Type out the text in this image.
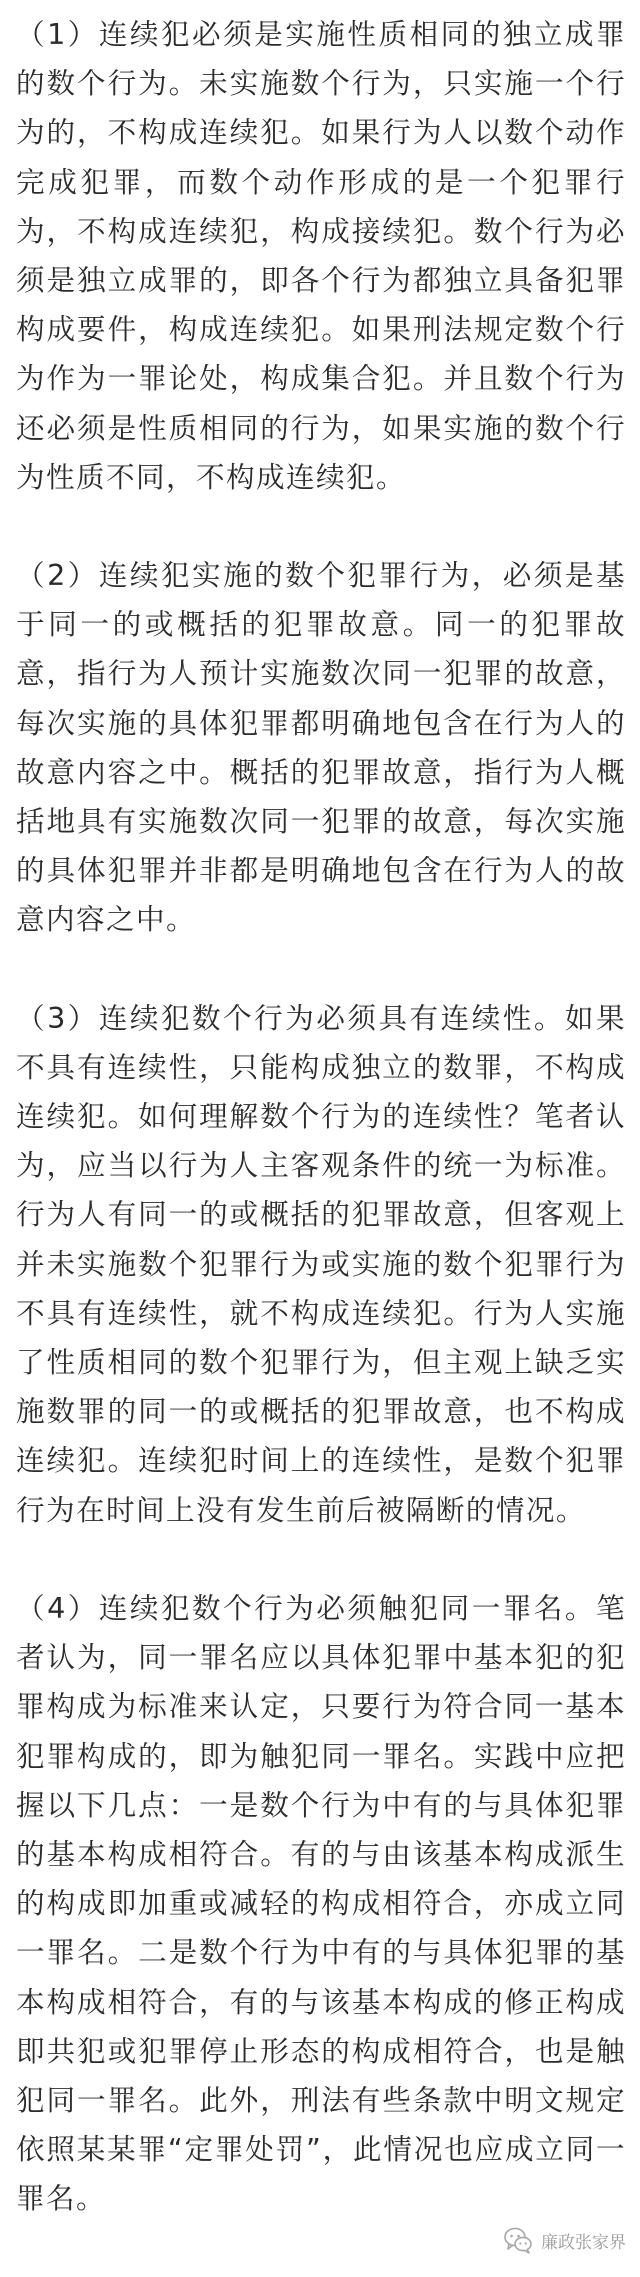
（1）连续犯必须是实施性质相同的独立成罪的数个行为。未实施数个行为，只实施一个行为的，不构成连续犯。如果行为人以数个动作完成犯罪，而数个动作形成的是一个犯罪行为，不构成连续犯，构成接续犯。数个行为必须是独立成罪的，即各个行为都独立具备犯罪构成要件，构成连续犯。如果刑法规定数个行为作为一罪论处，构成集合犯。并且数个行为还必须是性质相同的行为，如果实施的数个行为性质不同，不构成连续犯。

（2）连续犯实施的数个犯罪行为，必须是基于同一的或概括的犯罪故意。同一的犯罪故意，指行为人预计实施数次同一犯罪的故意，每次实施的具体犯罪都明确地包含在行为人的故意内容之中。概括的犯罪故意，指行为人概括地具有实施数次同一犯罪的故意，每次实施的具体犯罪并非都是明确地包含在行为人的故意内容之中。

（3）连续犯数个行为必须具有连续性。如果不具有连续性，只能构成独立的数罪，不构成连续犯。如何理解数个行为的连续性？笔者认为，应当以行为人主客观条件的统一为标准。行为人有同一的或概括的犯罪故意，但客观上并未实施数个犯罪行为或实施的数个犯罪行为不具有连续性，就不构成连续犯。行为人实施了性质相同的数个犯罪行为，但主观上缺乏实施数罪的同一的或概括的犯罪故意，也不构成连续犯。连续犯时间上的连续性，是数个犯罪行为在时间上没有发生前后被隔断的情况。

（4）连续犯数个行为必须触犯同一罪名。笔者认为，同一罪名应以具体犯罪中基本犯的犯罪构成为标准来认定，只要行为符合同一基本犯罪构成的，即为触犯同一罪名。实践中应把握以下几点：一是数个行为中有的与具体犯罪的基本构成相符合。有的与由该基本构成派生的构成即加重或减轻的构成相符合，亦成立同一罪名。二是数个行为中有的与具体犯罪的基本构成相符合，有的与该基本构成的修正构成即共犯或犯罪停止形态的构成相符合，也是触犯同一罪名。此外，刑法有些条款中明文规定依照某某罪“定罪处罚”，此情况也应成立同一罪名。

廉政张家界
